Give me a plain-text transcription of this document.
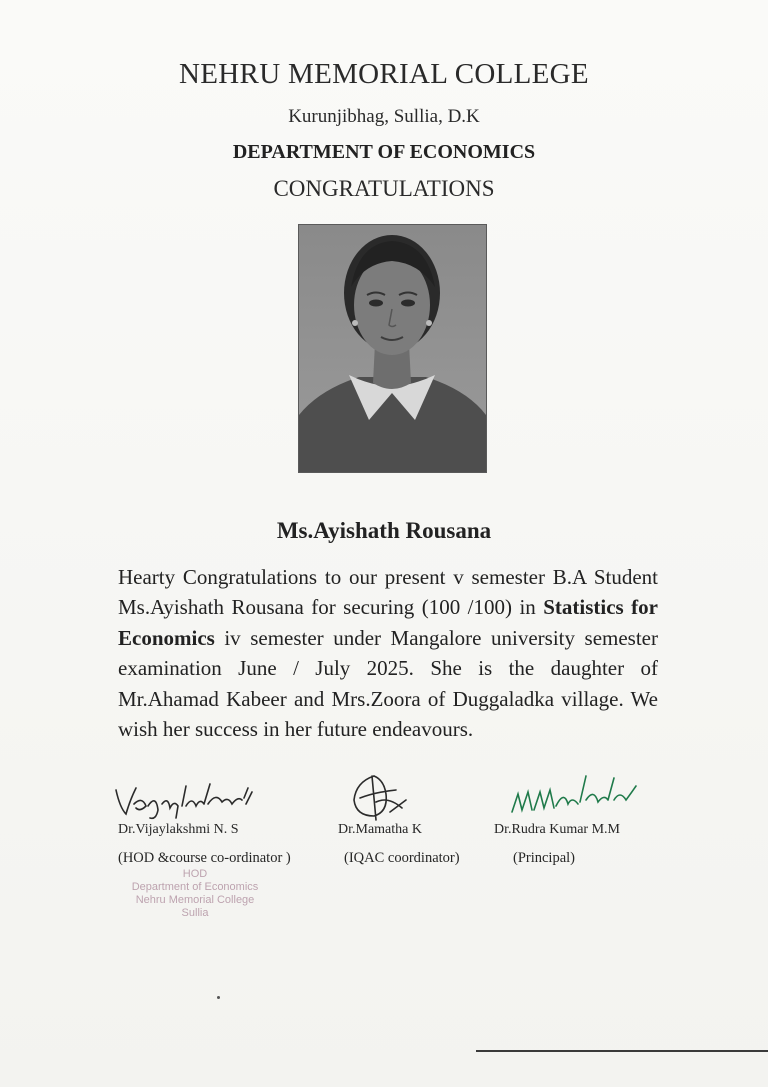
NEHRU MEMORIAL COLLEGE
Kurunjibhag, Sullia, D.K
DEPARTMENT OF ECONOMICS
CONGRATULATIONS
Ms.Ayishath Rousana
Hearty Congratulations to our present v semester B.A Student Ms.Ayishath Rousana for securing (100 /100) in Statistics for Economics iv semester under Mangalore university semester examination June / July 2025. She is the daughter of Mr.Ahamad Kabeer and Mrs.Zoora of Duggaladka village. We wish her success in her future endeavours.
Dr.Vijaylakshmi N. S
(HOD &course co-ordinator )
Dr.Mamatha K
(IQAC coordinator)
Dr.Rudra Kumar M.M
(Principal)
HOD
Department of Economics
Nehru Memorial College
Sullia
